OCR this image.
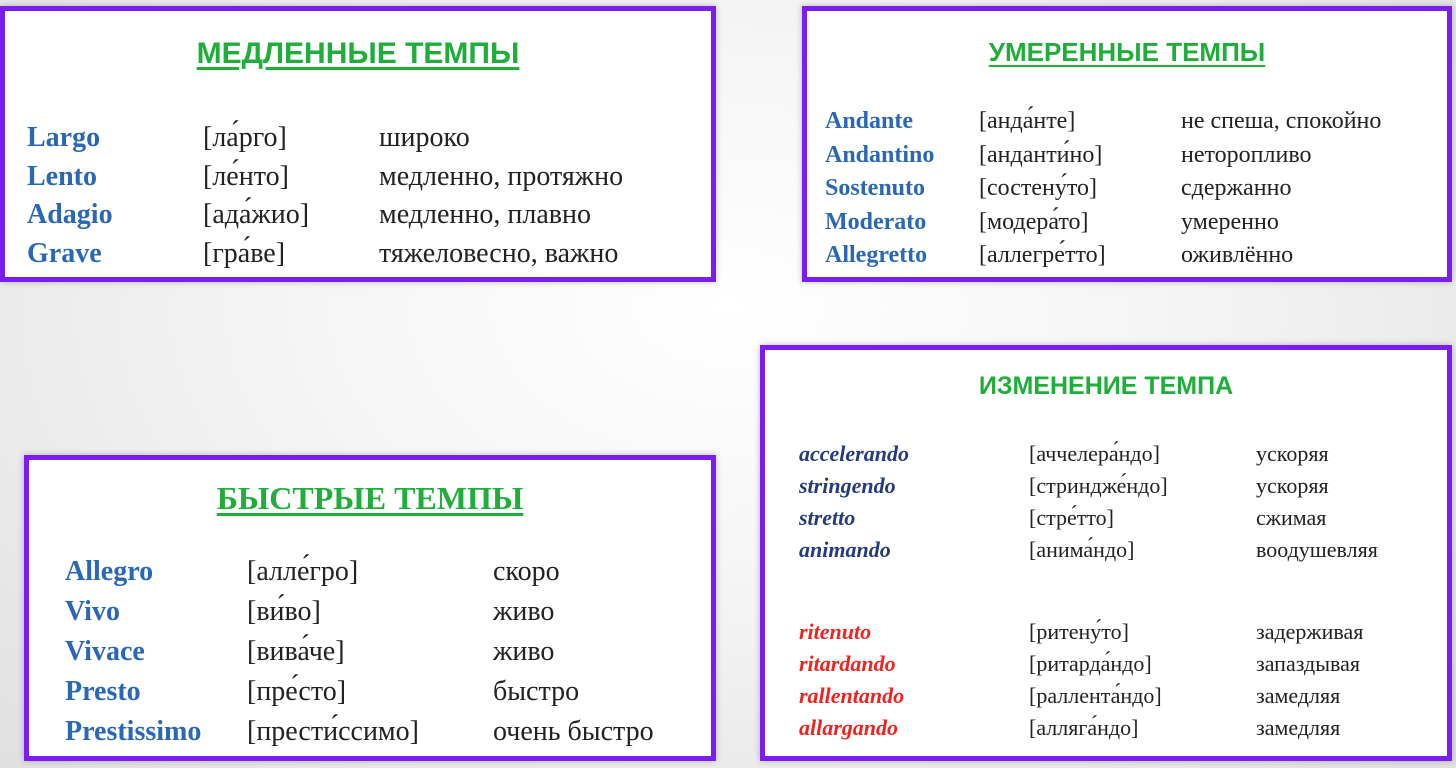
МЕДЛЕННЫЕ ТЕМПЫ
Largo	[ла́рго]	широко
Lento	[ле́нто]	медленно, протяжно
Adagio	[ада́жио]	медленно, плавно
Grave	[гра́ве]	тяжеловесно, важно
УМЕРЕННЫЕ ТЕМПЫ
Andante	[анда́нте]	не спеша, спокойно
Andantino	[анданти́но]	неторопливо
Sostenuto	[состену́то]	сдержанно
Moderato	[модера́то]	умеренно
Allegretto	[аллегре́тто]	оживлённо
БЫСТРЫЕ ТЕМПЫ
Allegro	[алле́гро]	скоро
Vivo	[ви́во]	живо
Vivace	[вива́че]	живо
Presto	[пре́сто]	быстро
Prestissimo	[прести́ссимо]	очень быстро
ИЗМЕНЕНИЕ ТЕМПА
accelerando	[аччелера́ндо]	ускоряя
stringendo	[стриндже́ндо]	ускоряя
stretto	[стре́тто]	сжимая
animando	[анима́ндо]	воодушевляя
ritenuto	[ритену́то]	задерживая
ritardando	[ритарда́ндо]	запаздывая
rallentando	[раллента́ндо]	замедляя
allargando	[алляга́ндо]	замедляя
